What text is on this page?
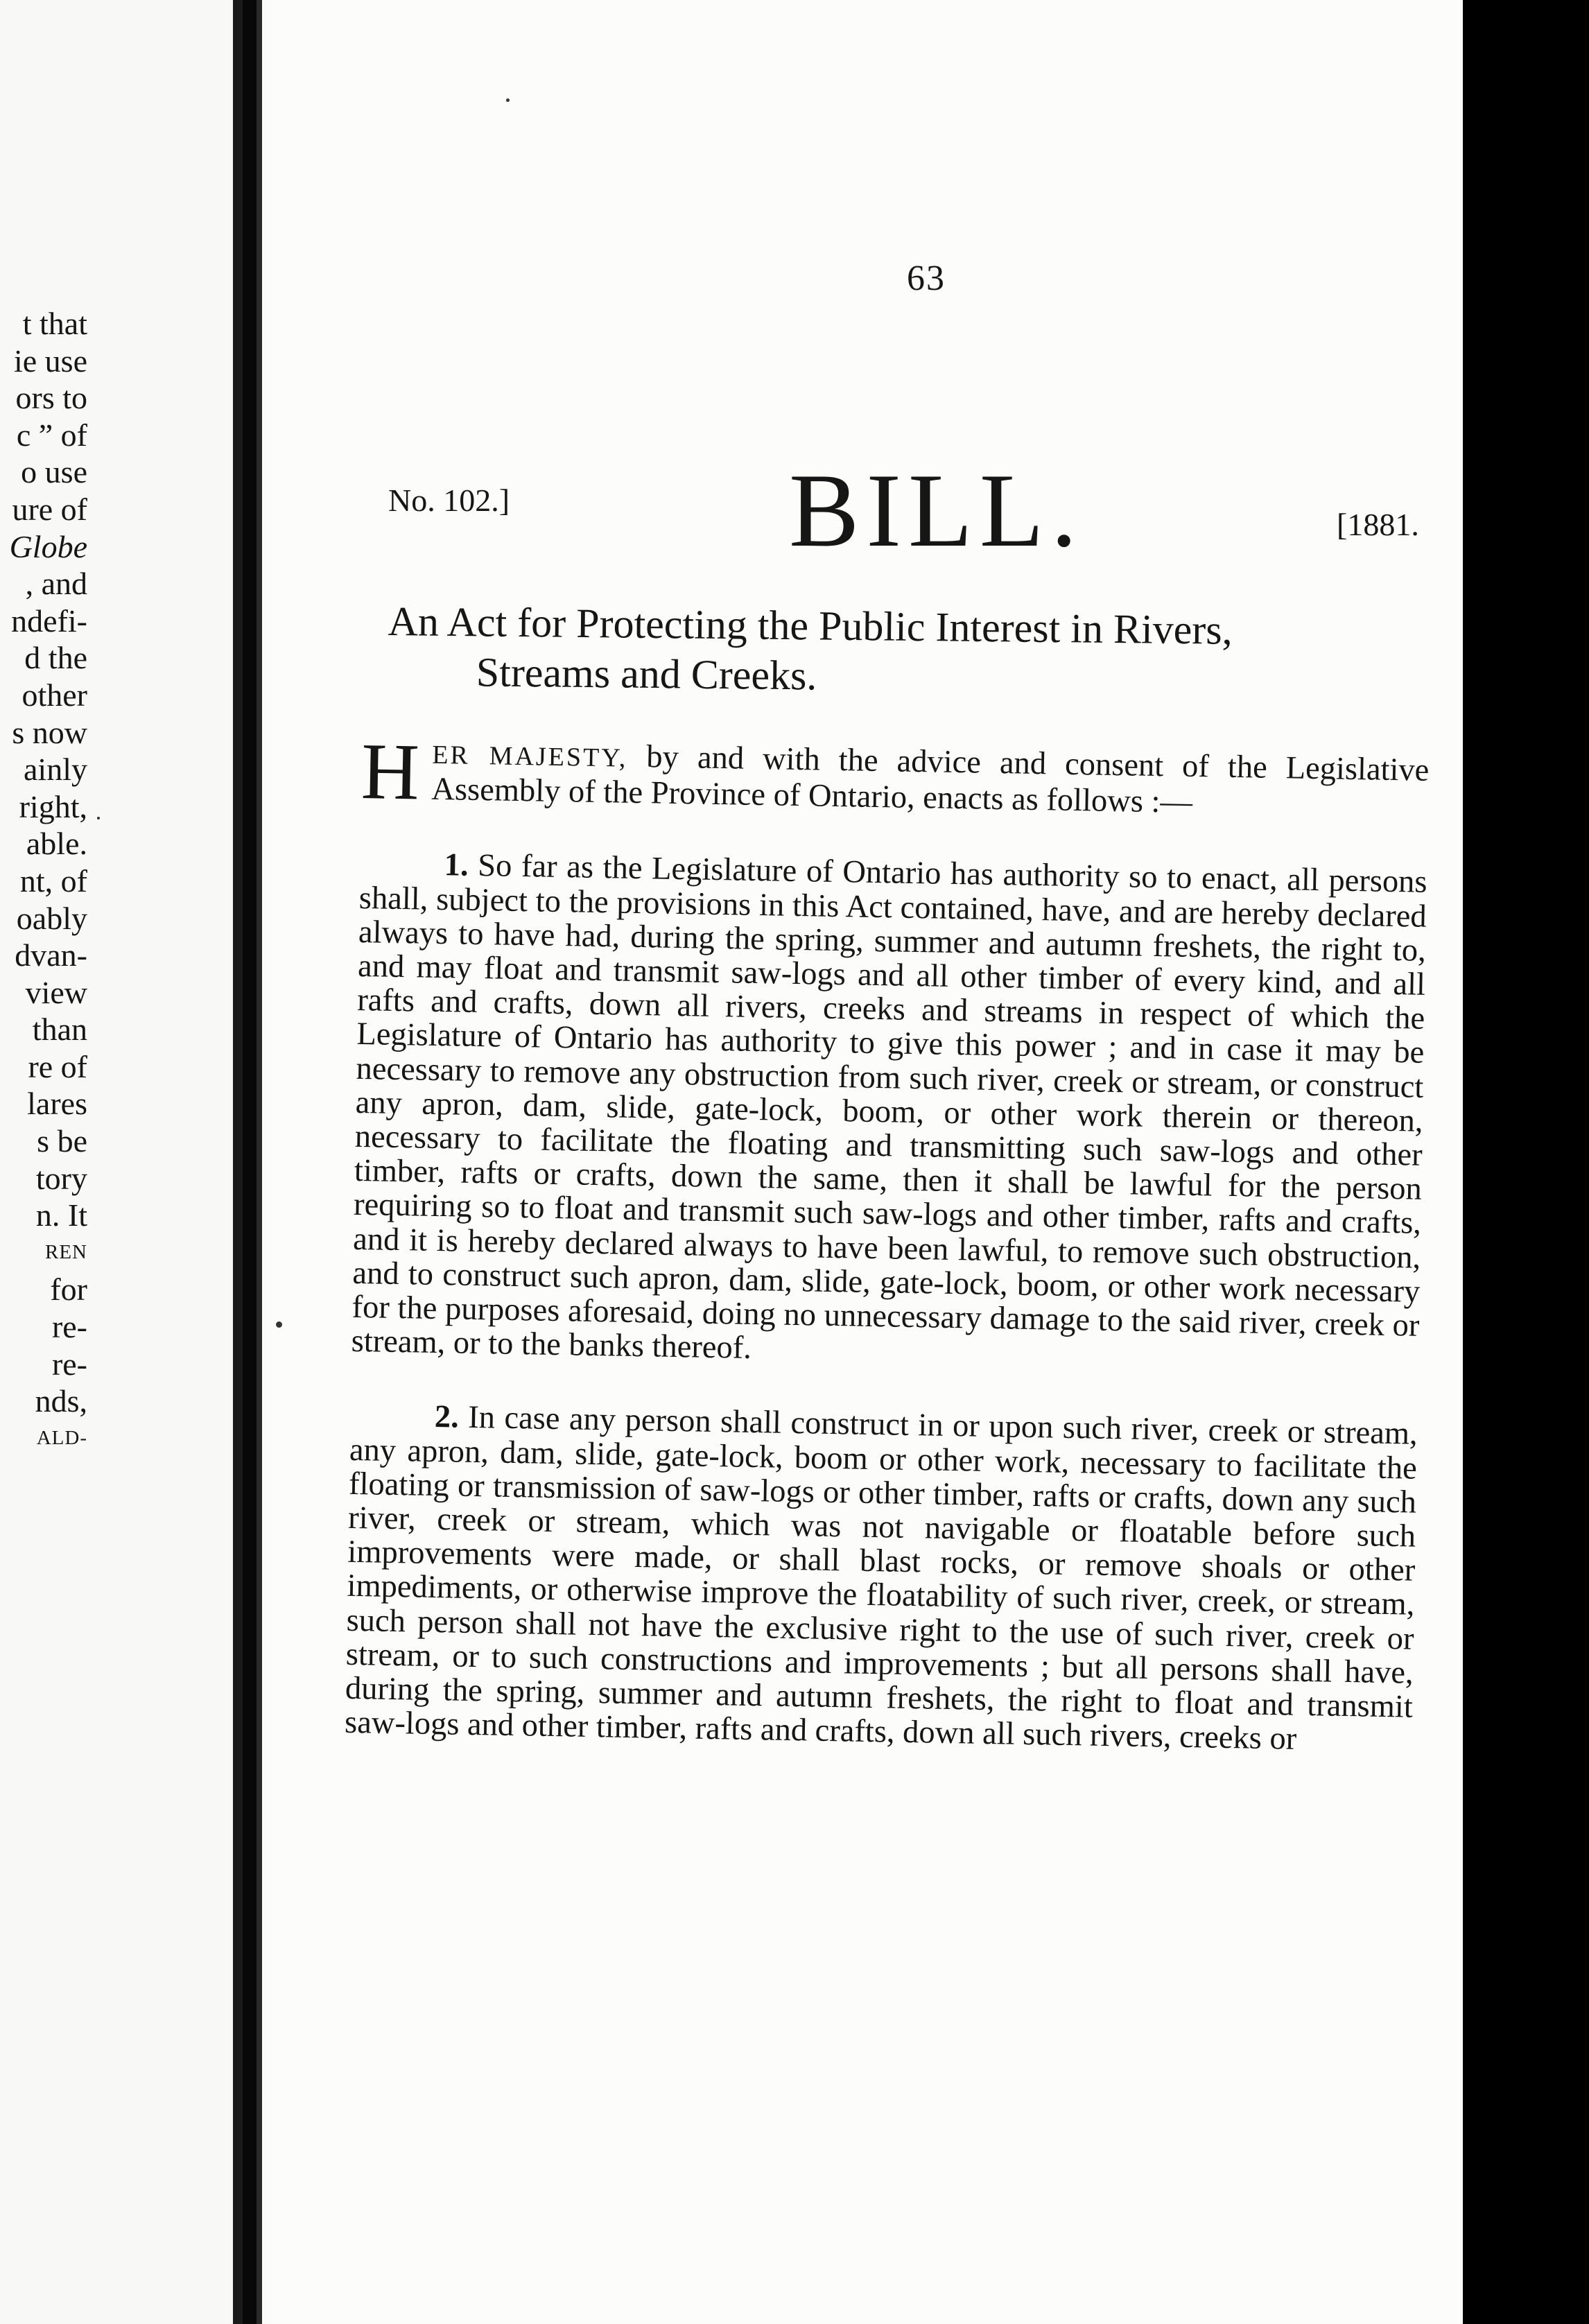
t that
ie use
ors to
c ” of
o use
ure of
Globe
, and
ndefi-
d the
other
s now
ainly
right,
able.
nt, of
oably
dvan-
view
than
re of
lares
s be
tory
n. It
REN
for
re-
re-
nds,
ALD-
63
No. 102.]	BILL.	[1881.
An Act for Protecting the Public Interest in Rivers,
Streams and Creeks.
HER MAJESTY, by and with the advice and consent of the Legislative Assembly of the Province of Ontario, enacts as follows :—
1. So far as the Legislature of Ontario has authority so to enact, all persons shall, subject to the provisions in this Act contained, have, and are hereby declared always to have had, during the spring, summer and autumn freshets, the right to, and may float and transmit saw-logs and all other timber of every kind, and all rafts and crafts, down all rivers, creeks and streams in respect of which the Legislature of Ontario has authority to give this power ; and in case it may be necessary to remove any obstruction from such river, creek or stream, or construct any apron, dam, slide, gate-lock, boom, or other work therein or thereon, necessary to facilitate the floating and transmitting such saw-logs and other timber, rafts or crafts, down the same, then it shall be lawful for the person requiring so to float and transmit such saw-logs and other timber, rafts and crafts, and it is hereby declared always to have been lawful, to remove such obstruction, and to construct such apron, dam, slide, gate-lock, boom, or other work necessary for the purposes aforesaid, doing no unnecessary damage to the said river, creek or stream, or to the banks thereof.
2. In case any person shall construct in or upon such river, creek or stream, any apron, dam, slide, gate-lock, boom or other work, necessary to facilitate the floating or transmission of saw-logs or other timber, rafts or crafts, down any such river, creek or stream, which was not navigable or floatable before such improvements were made, or shall blast rocks, or remove shoals or other impediments, or otherwise improve the floatability of such river, creek, or stream, such person shall not have the exclusive right to the use of such river, creek or stream, or to such constructions and improvements ; but all persons shall have, during the spring, summer and autumn freshets, the right to float and transmit saw-logs and other timber, rafts and crafts, down all such rivers, creeks or
